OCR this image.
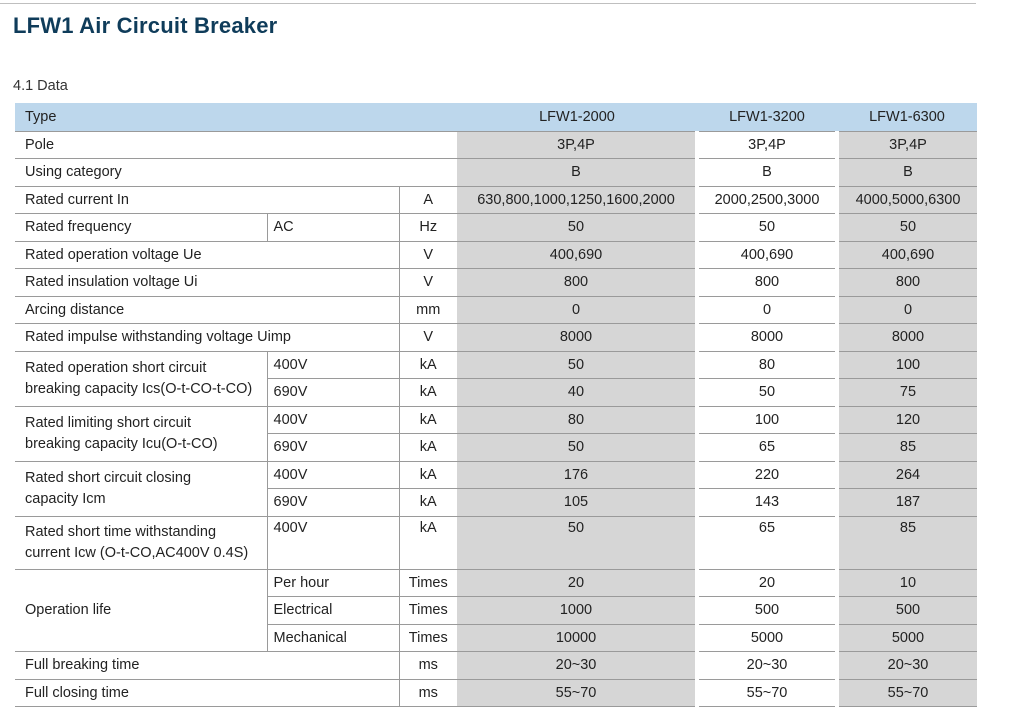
LFW1 Air Circuit Breaker
4.1 Data
Type			LFW1-2000	LFW1-3200	LFW1-6300
Pole			3P,4P	3P,4P	3P,4P
Using category			B	B	B
Rated current In		A	630,800,1000,1250,1600,2000	2000,2500,3000	4000,5000,6300
Rated frequency	AC	Hz	50	50	50
Rated operation voltage Ue		V	400,690	400,690	400,690
Rated insulation voltage Ui		V	800	800	800
Arcing distance		mm	0	0	0
Rated impulse withstanding voltage Uimp		V	8000	8000	8000

Rated operation short circuit
breaking capacity Ics(O-t-CO-t-CO)	400V	kA	50	80	100
	690V	kA	40	50	75

Rated limiting short circuit
breaking capacity Icu(O-t-CO)	400V	kA	80	100	120
	690V	kA	50	65	85

Rated short circuit closing
capacity Icm	400V	kA	176	220	264
	690V	kA	105	143	187

Rated short time withstanding
current Icw (O-t-CO,AC400V 0.4S)	400V	kA	50	65	85

Operation life	Per hour	Times	20	20	10
	Electrical	Times	1000	500	500
	Mechanical	Times	10000	5000	5000
Full breaking time		ms	20~30	20~30	20~30
Full closing time		ms	55~70	55~70	55~70
